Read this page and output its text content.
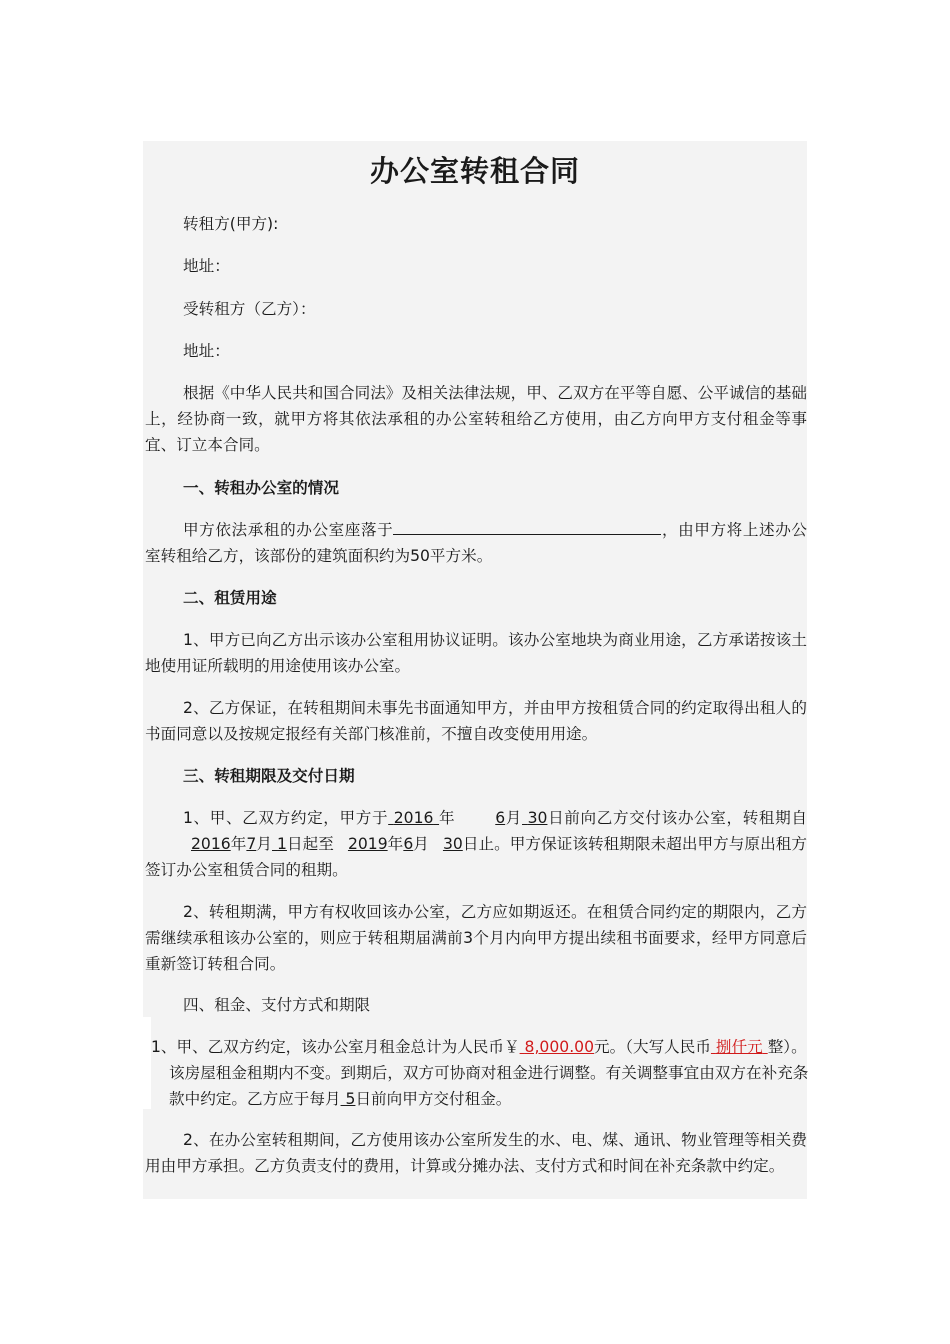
办公室转租合同
转租方(甲方):
地址：
受转租方（乙方）：
地址：
根据《中华人民共和国合同法》及相关法律法规，甲、乙双方在平等自愿、公平诚信的基础上，经协商一致，就甲方将其依法承租的办公室转租给乙方使用，由乙方向甲方支付租金等事宜、订立本合同。
一、转租办公室的情况
甲方依法承租的办公室座落于	，由甲方将上述办公室转租给乙方，该部份的建筑面积约为50平方米。
二、租赁用途
1、甲方已向乙方出示该办公室租用协议证明。该办公室地块为商业用途，乙方承诺按该土地使用证所载明的用途使用该办公室。
2、乙方保证，在转租期间未事先书面通知甲方，并由甲方按租赁合同的约定取得出租人的书面同意以及按规定报经有关部门核准前，不擅自改变使用用途。
三、转租期限及交付日期
1、甲、乙双方约定，甲方于 2016 年	6月 30日前向乙方交付该办公室，转租期自2016年7月 1日起至 2019年6月 30日止。甲方保证该转租期限未超出甲方与原出租方签订办公室租赁合同的租期。
2、转租期满，甲方有权收回该办公室，乙方应如期返还。在租赁合同约定的期限内，乙方需继续承租该办公室的，则应于转租期届满前3个月内向甲方提出续租书面要求，经甲方同意后重新签订转租合同。
四、租金、支付方式和期限
1、甲、乙双方约定，该办公室月租金总计为人民币￥ 8,000.00元。（大写人民币 捌仟元 整）。该房屋租金租期内不变。到期后，双方可协商对租金进行调整。有关调整事宜由双方在补充条款中约定。乙方应于每月 5日前向甲方交付租金。
2、在办公室转租期间，乙方使用该办公室所发生的水、电、煤、通讯、物业管理等相关费用由甲方承担。乙方负责支付的费用，计算或分摊办法、支付方式和时间在补充条款中约定。
